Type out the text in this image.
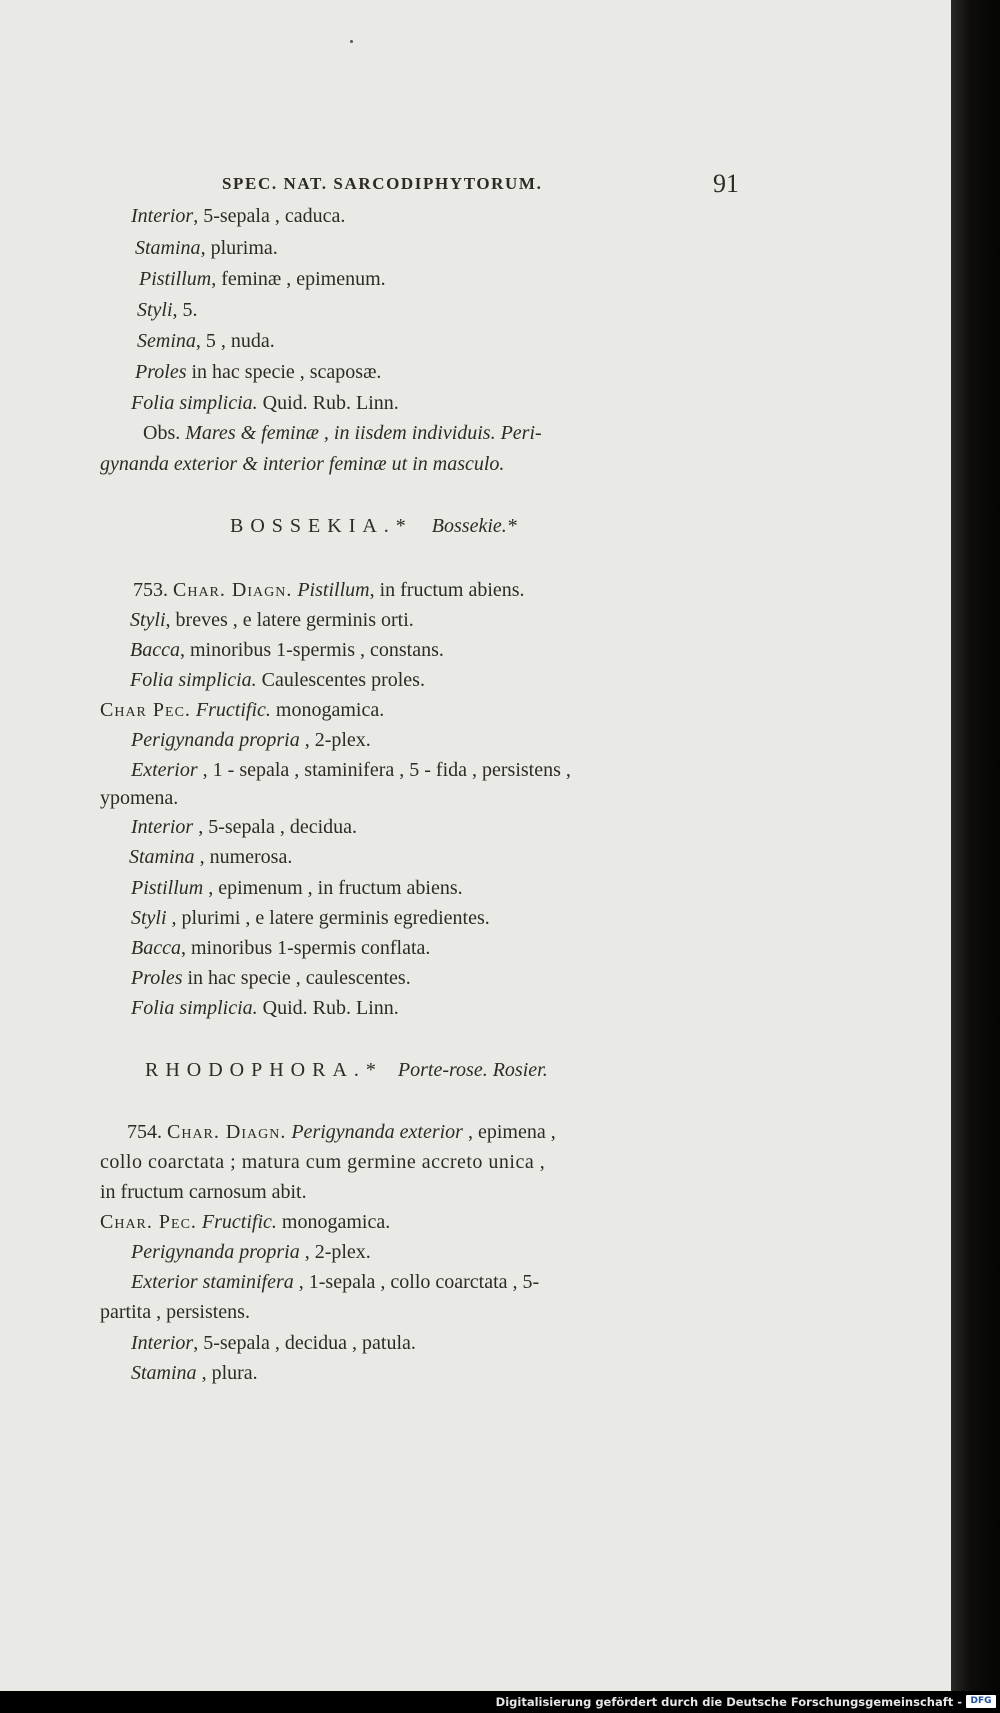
SPEC. NAT. SARCODIPHYTORUM.	91
Interior, 5-sepala , caduca.
Stamina, plurima.
Pistillum, feminæ , epimenum.
Styli, 5.
Semina, 5 , nuda.
Proles in hac specie , scaposæ.
Folia simplicia. Quid. Rub. Linn.
Obs. Mares & feminæ , in iisdem individuis. Peri-
gynanda exterior & interior feminæ ut in masculo.
BOSSEKIA.* Bossekie.*
753. Char. Diagn. Pistillum, in fructum abiens.
Styli, breves , e latere germinis orti.
Bacca, minoribus 1-spermis , constans.
Folia simplicia. Caulescentes proles.
Char Pec. Fructific. monogamica.
Perigynanda propria , 2-plex.
Exterior , 1 - sepala , staminifera , 5 - fida , persistens ,
ypomena.
Interior , 5-sepala , decidua.
Stamina , numerosa.
Pistillum , epimenum , in fructum abiens.
Styli , plurimi , e latere germinis egredientes.
Bacca, minoribus 1-spermis conflata.
Proles in hac specie , caulescentes.
Folia simplicia. Quid. Rub. Linn.
RHODOPHORA.* Porte-rose. Rosier.
754. Char. Diagn. Perigynanda exterior , epimena ,
collo coarctata ; matura cum germine accreto unica ,
in fructum carnosum abit.
Char. Pec. Fructific. monogamica.
Perigynanda propria , 2-plex.
Exterior staminifera , 1-sepala , collo coarctata , 5-
partita , persistens.
Interior, 5-sepala , decidua , patula.
Stamina , plura.
Digitalisierung gefördert durch die Deutsche Forschungsgemeinschaft - DFG
